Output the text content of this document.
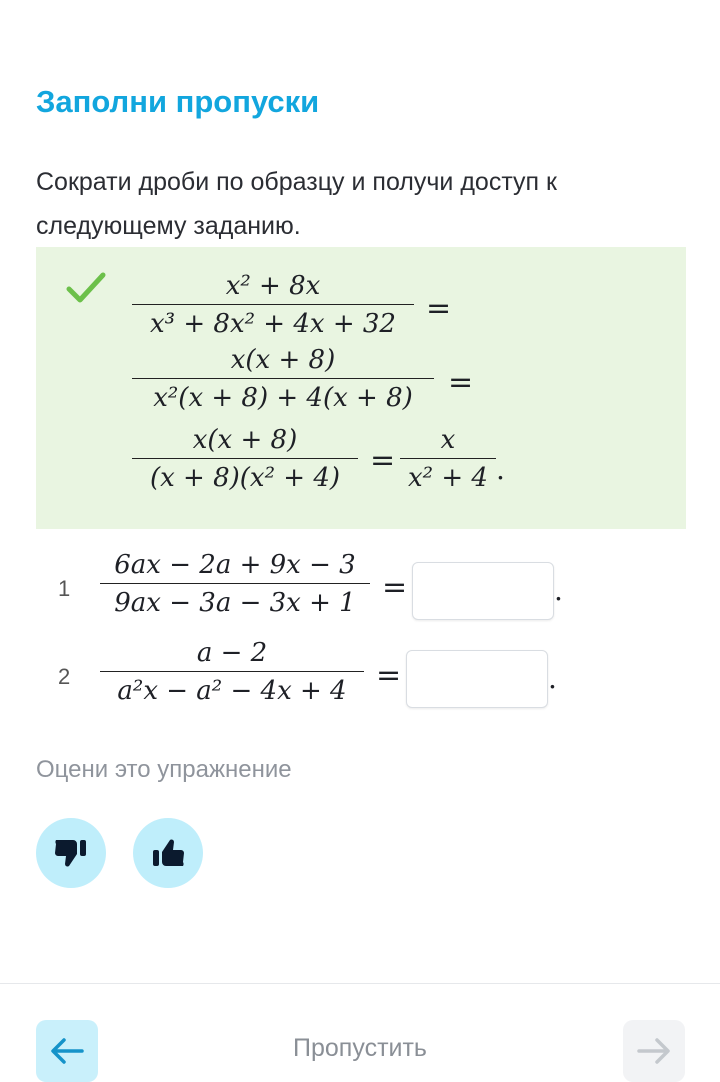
Заполни пропуски
Сократи дроби по образцу и получи доступ к следующему заданию.
x² + 8x
x³ + 8x² + 4x + 32	=
x(x + 8)
x²(x + 8) + 4(x + 8)	=
x(x + 8)
(x + 8)(x² + 4) =
x
x² + 4 .
1
6ax − 2a + 9x − 3
9ax − 3a − 3x + 1 =	.
2
a − 2
a²x − a² − 4x + 4 =	.
Оцени это упражнение
Пропустить
